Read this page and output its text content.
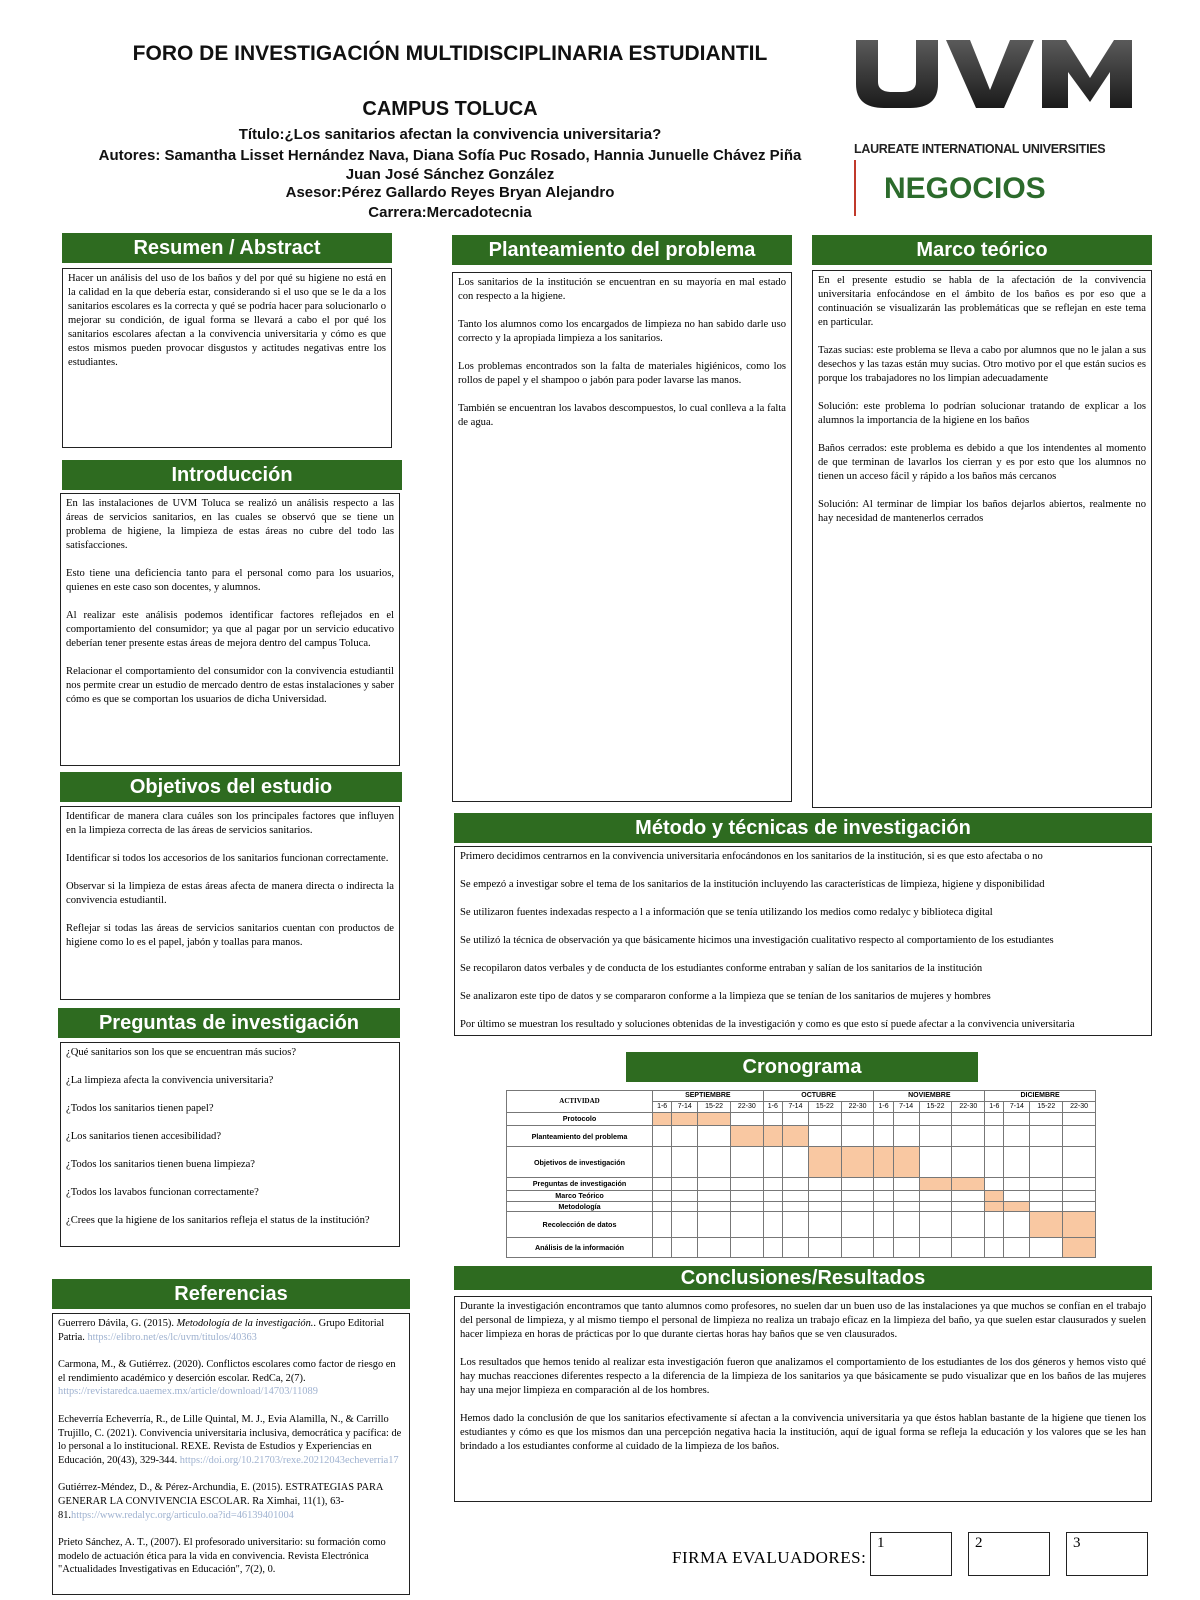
FORO DE INVESTIGACIÓN MULTIDISCIPLINARIA ESTUDIANTIL
CAMPUS TOLUCA
Título:¿Los sanitarios afectan la convivencia universitaria?
Autores: Samantha Lisset Hernández Nava, Diana Sofía Puc Rosado, Hannia Junuelle Chávez Piña
Juan José Sánchez González
Asesor:Pérez Gallardo Reyes Bryan Alejandro
Carrera:Mercadotecnia
LAUREATE INTERNATIONAL UNIVERSITIES
NEGOCIOS
Resumen / Abstract

Hacer un análisis del uso de los baños y del por qué su higiene no está en la calidad en la que debería estar, considerando si el uso que se le da a los sanitarios escolares es la correcta y qué se podría hacer para solucionarlo o mejorar su condición, de igual forma se llevará a cabo el por qué los sanitarios escolares afectan a la convivencia universitaria y cómo es que estos mismos pueden provocar disgustos y actitudes negativas entre los estudiantes.

Introducción

En las instalaciones de UVM Toluca se realizó un análisis respecto a las áreas de servicios sanitarios, en las cuales se observó que se tiene un problema de higiene, la limpieza de estas áreas no cubre del todo las satisfacciones.

Esto tiene una deficiencia tanto para el personal como para los usuarios, quienes en este caso son docentes, y alumnos.

Al realizar este análisis podemos identificar factores reflejados en el comportamiento del consumidor; ya que al pagar por un servicio educativo deberían tener presente estas áreas de mejora dentro del campus Toluca.

Relacionar el comportamiento del consumidor con la convivencia estudiantil nos permite crear un estudio de mercado dentro de estas instalaciones y saber cómo es que se comportan los usuarios de dicha Universidad.

Objetivos del estudio

Identificar de manera clara cuáles son los principales factores que influyen en la limpieza correcta de las áreas de servicios sanitarios.

Identificar si todos los accesorios de los sanitarios funcionan correctamente.

Observar si la limpieza de estas áreas afecta de manera directa o indirecta la convivencia estudiantil.

Reflejar si todas las áreas de servicios sanitarios cuentan con productos de higiene como lo es el papel, jabón y toallas para manos.

Preguntas de investigación

¿Qué sanitarios son los que se encuentran más sucios?

¿La limpieza afecta la convivencia universitaria?

¿Todos los sanitarios tienen papel?

¿Los sanitarios tienen accesibilidad?

¿Todos los sanitarios tienen buena limpieza?

¿Todos los lavabos funcionan correctamente?

¿Crees que la higiene de los sanitarios refleja el status de la institución?

Referencias

Guerrero Dávila, G. (2015). Metodología de la investigación.. Grupo Editorial Patria. https://elibro.net/es/lc/uvm/titulos/40363

Carmona, M., & Gutiérrez. (2020). Conflictos escolares como factor de riesgo en el rendimiento académico y deserción escolar. RedCa, 2(7). https://revistaredca.uaemex.mx/article/download/14703/11089

Echeverría Echeverría, R., de Lille Quintal, M. J., Evia Alamilla, N., & Carrillo Trujillo, C. (2021). Convivencia universitaria inclusiva, democrática y pacífica: de lo personal a lo institucional. REXE. Revista de Estudios y Experiencias en Educación, 20(43), 329-344. https://doi.org/10.21703/rexe.20212043echeverria17

Gutiérrez-Méndez, D., & Pérez-Archundia, E. (2015). ESTRATEGIAS PARA GENERAR LA CONVIVENCIA ESCOLAR. Ra Ximhai, 11(1), 63-81.https://www.redalyc.org/articulo.oa?id=46139401004

Prieto Sánchez, A. T., (2007). El profesorado universitario: su formación como modelo de actuación ética para la vida en convivencia. Revista Electrónica "Actualidades Investigativas en Educación", 7(2), 0.

Planteamiento del problema

Los sanitarios de la institución se encuentran en su mayoría en mal estado con respecto a la higiene.

Tanto los alumnos como los encargados de limpieza no han sabido darle uso correcto y la apropiada limpieza a los sanitarios.

Los problemas encontrados son la falta de materiales higiénicos, como los rollos de papel y el shampoo o jabón para poder lavarse las manos.

También se encuentran los lavabos descompuestos, lo cual conlleva a la falta de agua.

Marco teórico

En el presente estudio se habla de la afectación de la convivencia universitaria enfocándose en el ámbito de los baños es por eso que a continuación se visualizarán las problemáticas que se reflejan en este tema en particular.

Tazas sucias: este problema se lleva a cabo por alumnos que no le jalan a sus desechos y las tazas están muy sucias. Otro motivo por el que están sucios es porque los trabajadores no los limpian adecuadamente

Solución: este problema lo podrían solucionar tratando de explicar a los alumnos la importancia de la higiene en los baños

Baños cerrados: este problema es debido a que los intendentes al momento de que terminan de lavarlos los cierran y es por esto que los alumnos no tienen un acceso fácil y rápido a los baños más cercanos

Solución: Al terminar de limpiar los baños dejarlos abiertos, realmente no hay necesidad de mantenerlos cerrados

Método y técnicas de investigación

Primero decidimos centrarnos en la convivencia universitaria enfocándonos en los sanitarios de la institución, si es que esto afectaba o no

Se empezó a investigar sobre el tema de los sanitarios de la institución incluyendo las características de limpieza, higiene y disponibilidad

Se utilizaron fuentes indexadas respecto a l a información que se tenía utilizando los medios como redalyc y biblioteca digital

Se utilizó la técnica de observación ya que básicamente hicimos una investigación cualitativo respecto al comportamiento de los estudiantes

Se recopilaron datos verbales y de conducta de los estudiantes conforme entraban y salían de los sanitarios de la institución

Se analizaron este tipo de datos y se compararon conforme a la limpieza que se tenían de los sanitarios de mujeres y hombres

Por último se muestran los resultado y soluciones obtenidas de la investigación y como es que esto sí puede afectar a la convivencia universitaria

Cronograma
ACTIVIDAD	SEPTIEMBRE				OCTUBRE				NOVIEMBRE				DICIEMBRE			
	1-6	7-14	15-22	22-30	1-6	7-14	15-22	22-30	1-6	7-14	15-22	22-30	1-6	7-14	15-22	22-30
Protocolo																
Planteamiento del problema																
Objetivos de investigación																
Preguntas de investigación																
Marco Teórico																
Metodología																
Recolección de datos																
Análisis de la información																
Conclusiones/Resultados

Durante la investigación encontramos que tanto alumnos como profesores, no suelen dar un buen uso de las instalaciones ya que muchos se confían en el trabajo del personal de limpieza, y al mismo tiempo el personal de limpieza no realiza un trabajo eficaz en la limpieza del baño, ya que suelen estar clausurados y suelen hacer limpieza en horas de prácticas por lo que durante ciertas horas hay baños que se ven clausurados.

Los resultados que hemos tenido al realizar esta investigación fueron que analizamos el comportamiento de los estudiantes de los dos géneros y hemos visto qué hay muchas reacciones diferentes respecto a la diferencia de la limpieza de los sanitarios ya que básicamente se pudo visualizar que en los baños de las mujeres hay una mejor limpieza en comparación al de los hombres.

Hemos dado la conclusión de que los sanitarios efectivamente sí afectan a la convivencia universitaria ya que éstos hablan bastante de la higiene que tienen los estudiantes y cómo es que los mismos dan una percepción negativa hacia la institución, aquí de igual forma se refleja la educación y los valores que se les han brindado a los estudiantes conforme al cuidado de la limpieza de los baños.

FIRMA EVALUADORES:
1	2	3
